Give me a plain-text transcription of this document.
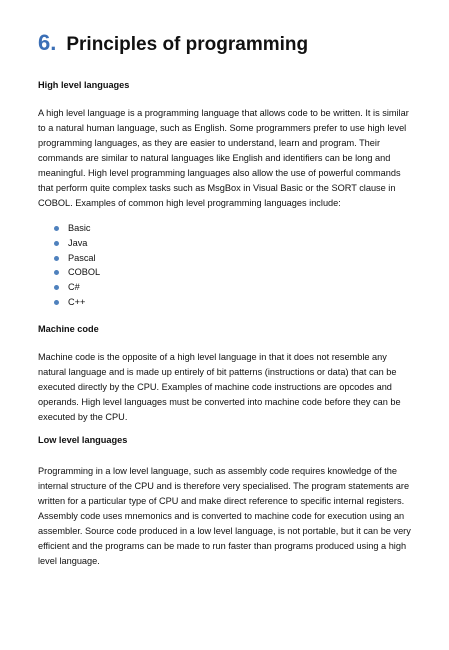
6. Principles of programming
High level languages
A high level language is a programming language that allows code to be written. It is similar
to a natural human language, such as English. Some programmers prefer to use high level
programming languages, as they are easier to understand, learn and program. Their
commands are similar to natural languages like English and identifiers can be long and
meaningful. High level programming languages also allow the use of powerful commands
that perform quite complex tasks such as MsgBox in Visual Basic or the SORT clause in
COBOL. Examples of common high level programming languages include:
Basic
Java
Pascal
COBOL
C#
C++
Machine code
Machine code is the opposite of a high level language in that it does not resemble any
natural language and is made up entirely of bit patterns (instructions or data) that can be
executed directly by the CPU. Examples of machine code instructions are opcodes and
operands. High level languages must be converted into machine code before they can be
executed by the CPU.
Low level languages
Programming in a low level language, such as assembly code requires knowledge of the
internal structure of the CPU and is therefore very specialised. The program statements are
written for a particular type of CPU and make direct reference to specific internal registers.
Assembly code uses mnemonics and is converted to machine code for execution using an
assembler. Source code produced in a low level language, is not portable, but it can be very
efficient and the programs can be made to run faster than programs produced using a high
level language.
